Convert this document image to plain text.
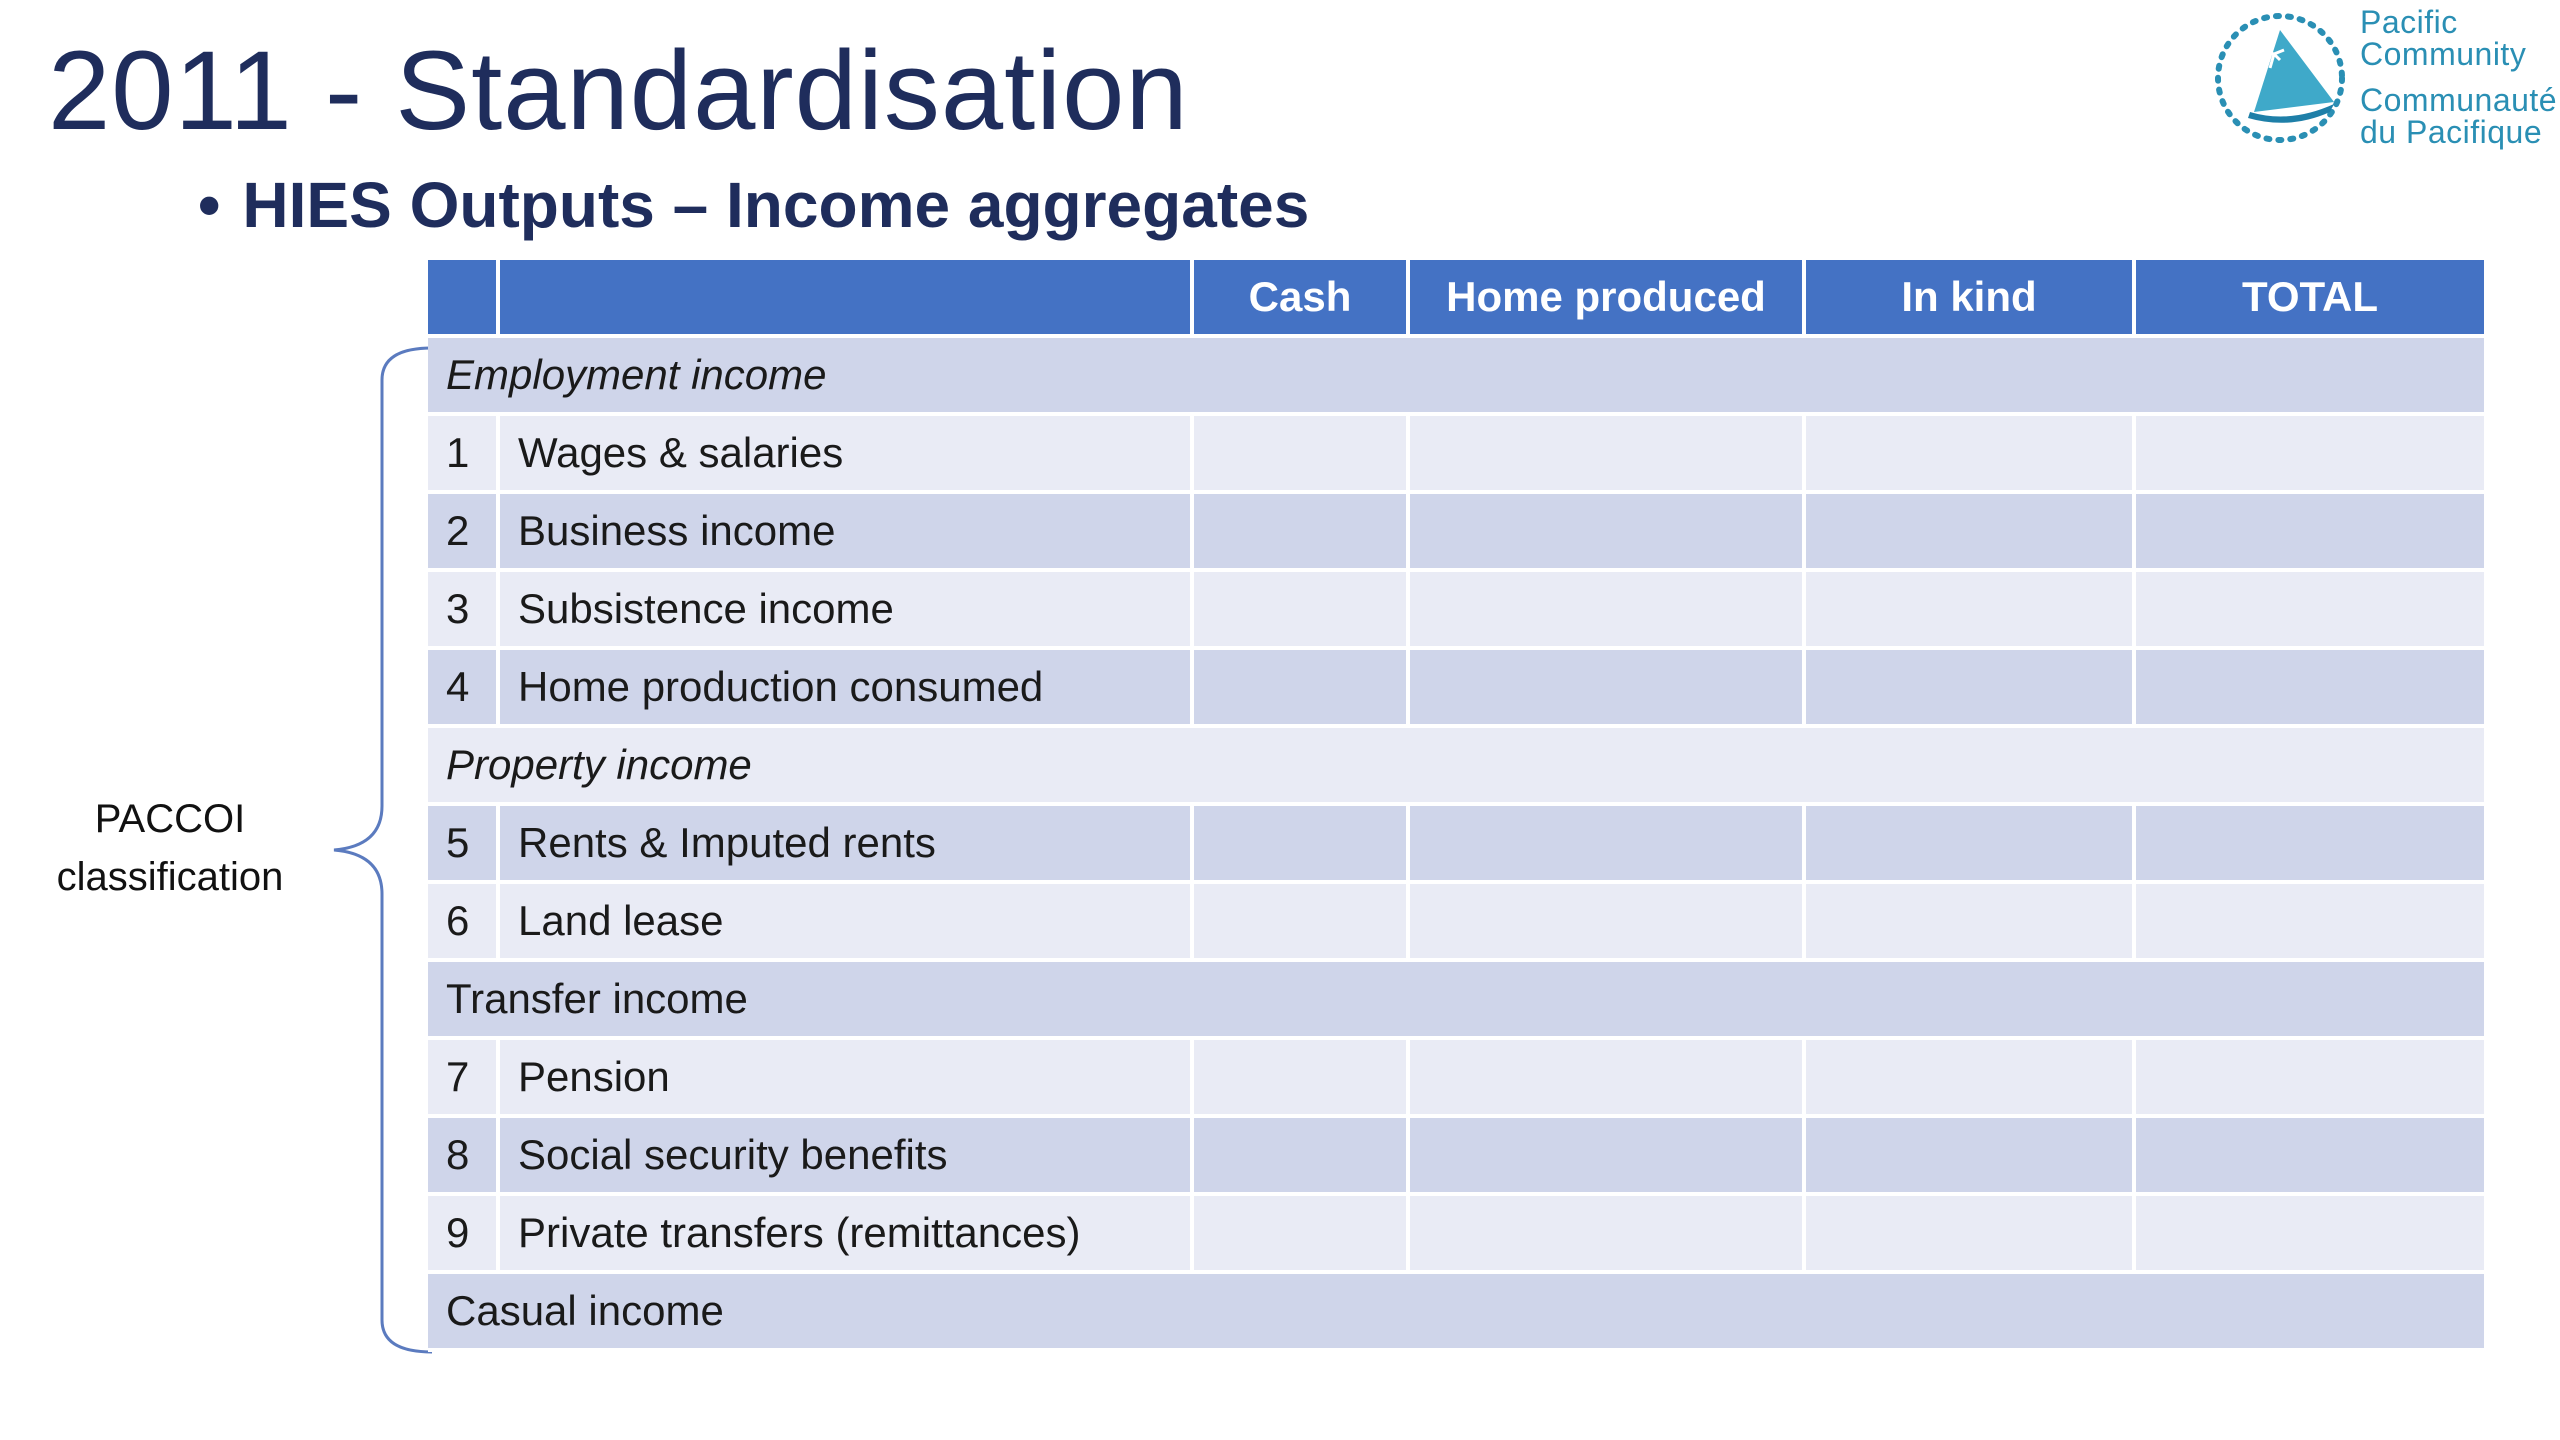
2011 - Standardisation
• HIES Outputs – Income aggregates
Pacific
Community
Communauté
du Pacifique
PACCOI
classification
Cash	Home produced	In kind	TOTAL
Employment income
1	Wages & salaries
2	Business income
3	Subsistence income
4	Home production consumed
Property income
5	Rents & Imputed rents
6	Land lease
Transfer income
7	Pension
8	Social security benefits
9	Private transfers (remittances)
Casual income
